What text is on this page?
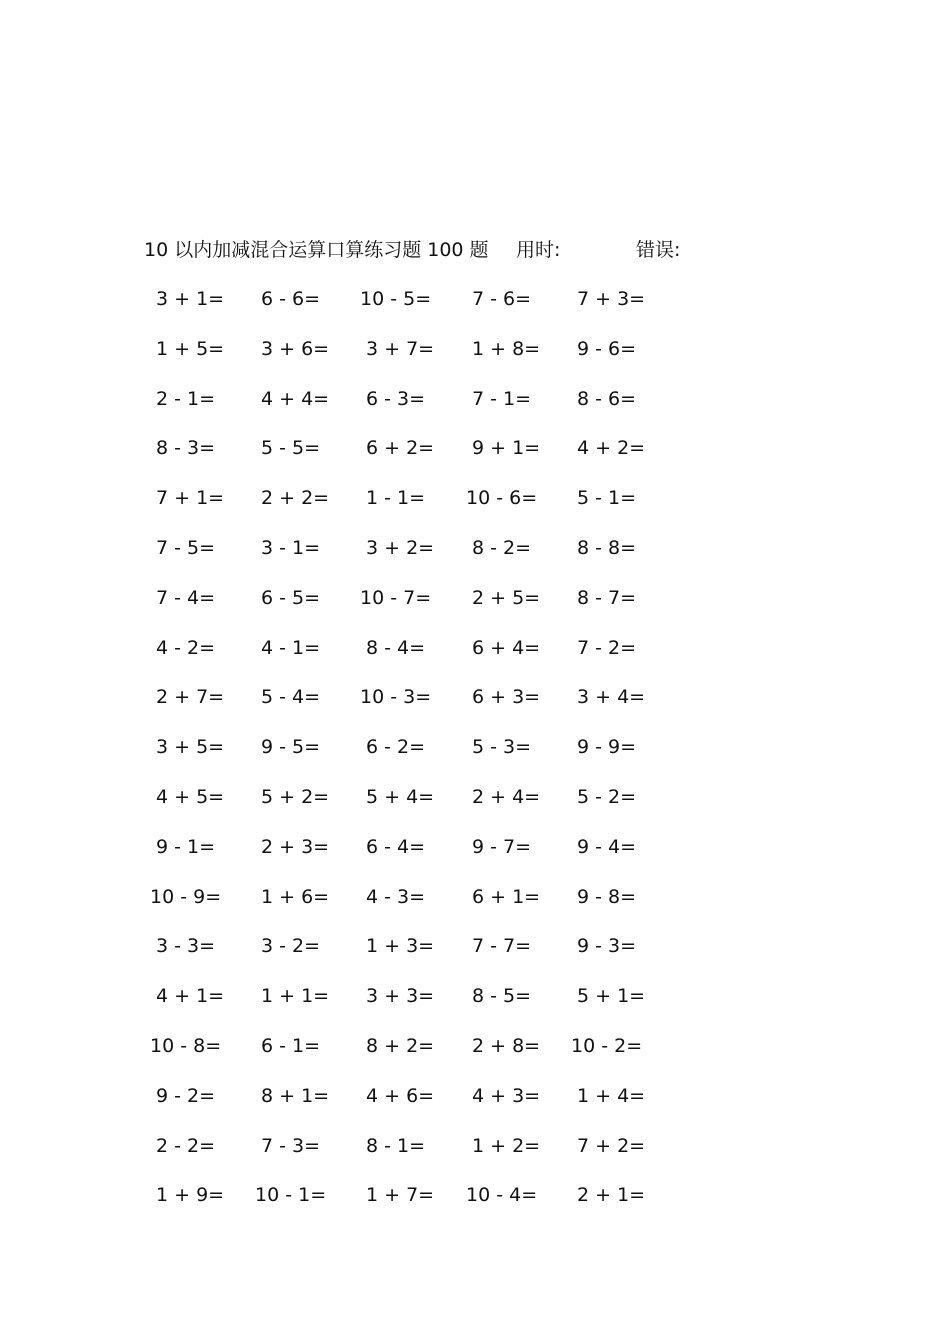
10 以内加减混合运算口算练习题 100 题 用时:	错误:
3 + 1= 6 - 6= 10 - 5= 7 - 6= 7 + 3=
1 + 5= 3 + 6= 3 + 7= 1 + 8= 9 - 6=
2 - 1= 4 + 4= 6 - 3= 7 - 1= 8 - 6=
8 - 3= 5 - 5= 6 + 2= 9 + 1= 4 + 2=
7 + 1= 2 + 2= 1 - 1= 10 - 6= 5 - 1=
7 - 5= 3 - 1= 3 + 2= 8 - 2= 8 - 8=
7 - 4= 6 - 5= 10 - 7= 2 + 5= 8 - 7=
4 - 2= 4 - 1= 8 - 4= 6 + 4= 7 - 2=
2 + 7= 5 - 4= 10 - 3= 6 + 3= 3 + 4=
3 + 5= 9 - 5= 6 - 2= 5 - 3= 9 - 9=
4 + 5= 5 + 2= 5 + 4= 2 + 4= 5 - 2=
9 - 1= 2 + 3= 6 - 4= 9 - 7= 9 - 4=
10 - 9= 1 + 6= 4 - 3= 6 + 1= 9 - 8=
3 - 3= 3 - 2= 1 + 3= 7 - 7= 9 - 3=
4 + 1= 1 + 1= 3 + 3= 8 - 5= 5 + 1=
10 - 8= 6 - 1= 8 + 2= 2 + 8= 10 - 2=
9 - 2= 8 + 1= 4 + 6= 4 + 3= 1 + 4=
2 - 2= 7 - 3= 8 - 1= 1 + 2= 7 + 2=
1 + 9= 10 - 1= 1 + 7= 10 - 4= 2 + 1=
